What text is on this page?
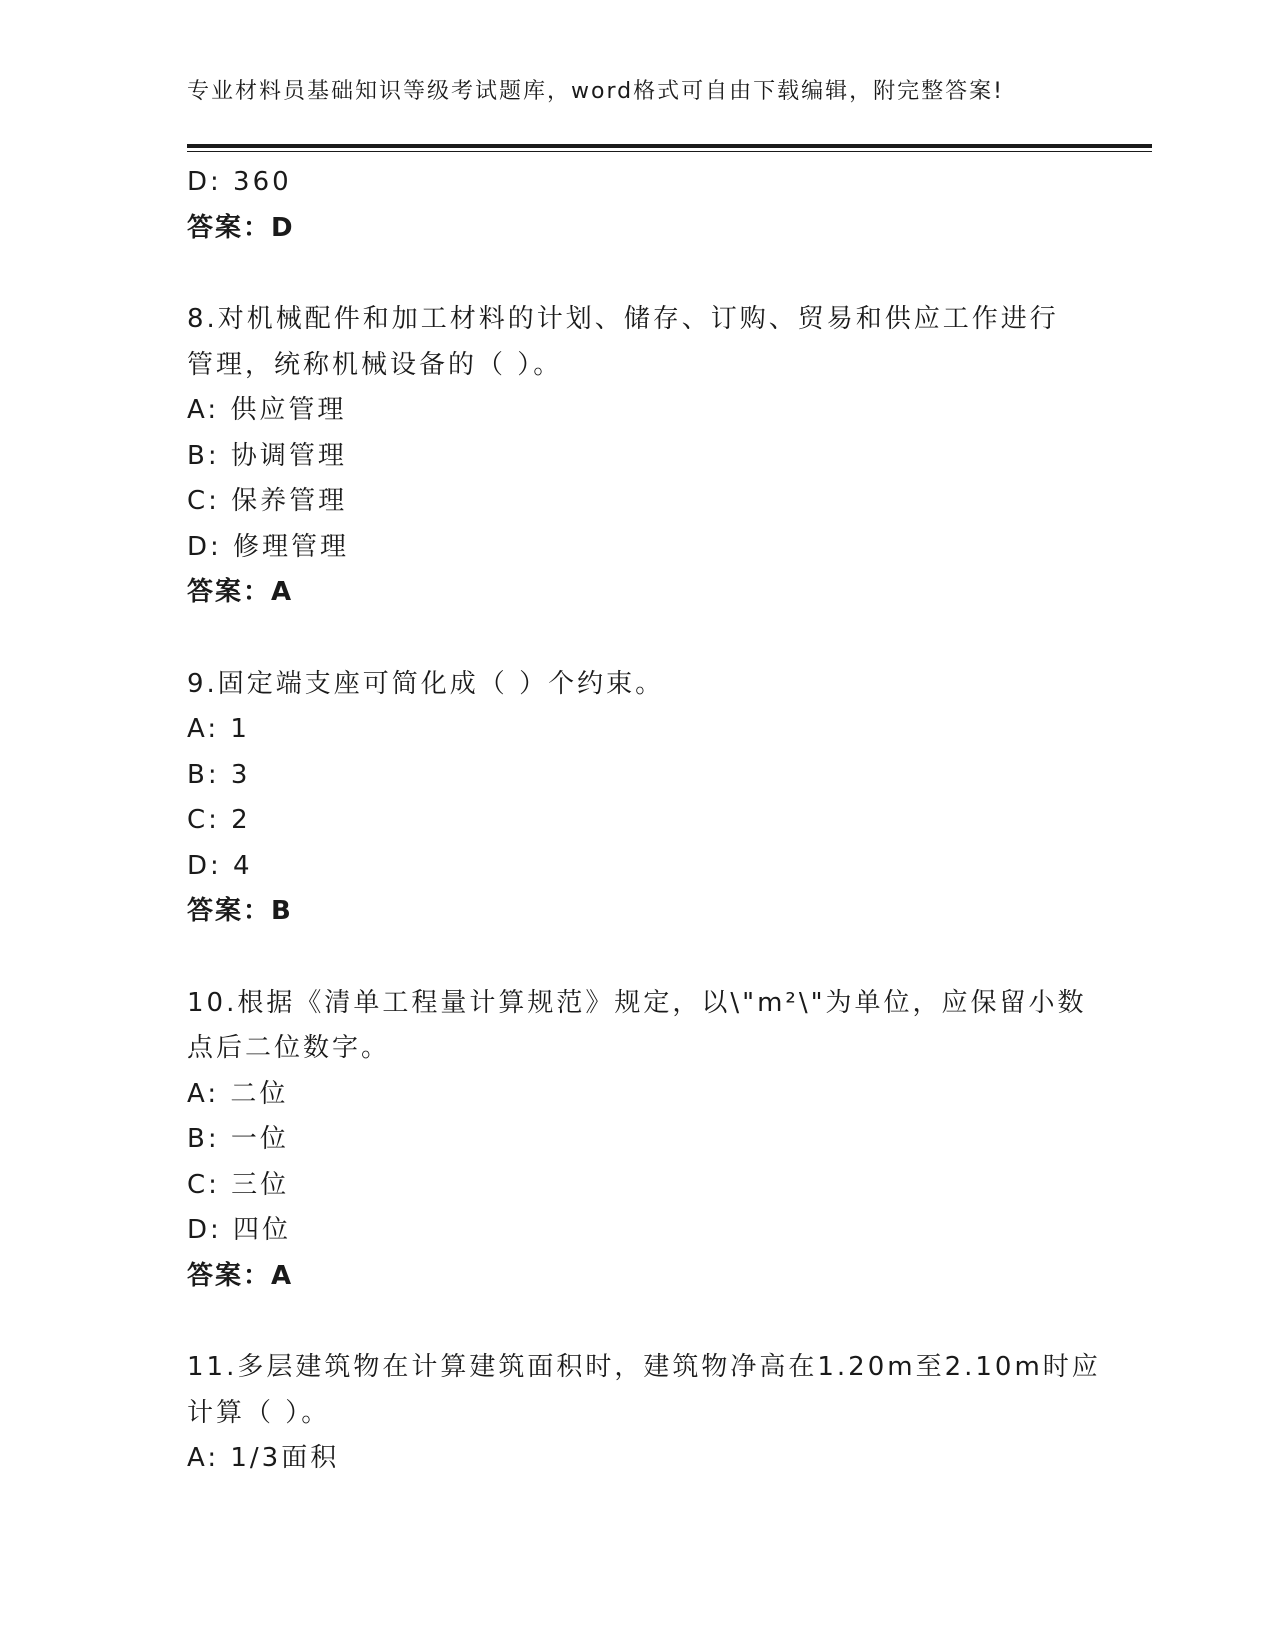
专业材料员基础知识等级考试题库，word格式可自由下载编辑，附完整答案!
D: 360
答案：D
8.对机械配件和加工材料的计划、储存、订购、贸易和供应工作进行
管理，统称机械设备的（ ）。
A: 供应管理
B: 协调管理
C: 保养管理
D: 修理管理
答案：A
9.固定端支座可简化成（ ）个约束。
A: 1
B: 3
C: 2
D: 4
答案：B
10.根据《清单工程量计算规范》规定，以\"m²\"为单位，应保留小数
点后二位数字。
A: 二位
B: 一位
C: 三位
D: 四位
答案：A
11.多层建筑物在计算建筑面积时，建筑物净高在1.20m至2.10m时应
计算（ ）。
A: 1/3面积
